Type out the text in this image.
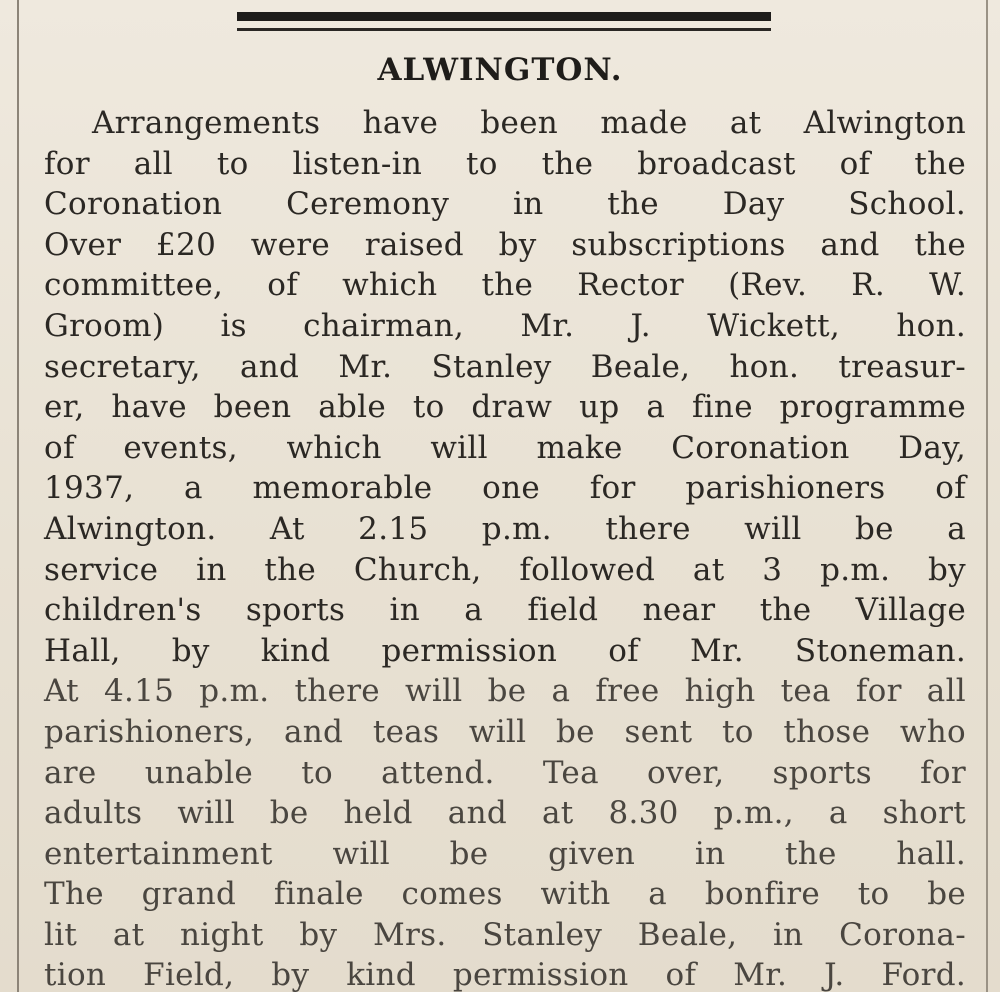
ALWINGTON.
Arrangements have been made at Alwington
for all to listen-in to the broadcast of the
Coronation Ceremony in the Day School.
Over £20 were raised by subscriptions and the
committee, of which the Rector (Rev. R. W.
Groom) is chairman, Mr. J. Wickett, hon.
secretary, and Mr. Stanley Beale, hon. treasur-
er, have been able to draw up a fine programme
of events, which will make Coronation Day,
1937, a memorable one for parishioners of
Alwington. At 2.15 p.m. there will be a
service in the Church, followed at 3 p.m. by
children's sports in a field near the Village
Hall, by kind permission of Mr. Stoneman.
At 4.15 p.m. there will be a free high tea for all
parishioners, and teas will be sent to those who
are unable to attend. Tea over, sports for
adults will be held and at 8.30 p.m., a short
entertainment will be given in the hall.
The grand finale comes with a bonfire to be
lit at night by Mrs. Stanley Beale, in Corona-
tion Field, by kind permission of Mr. J. Ford.
